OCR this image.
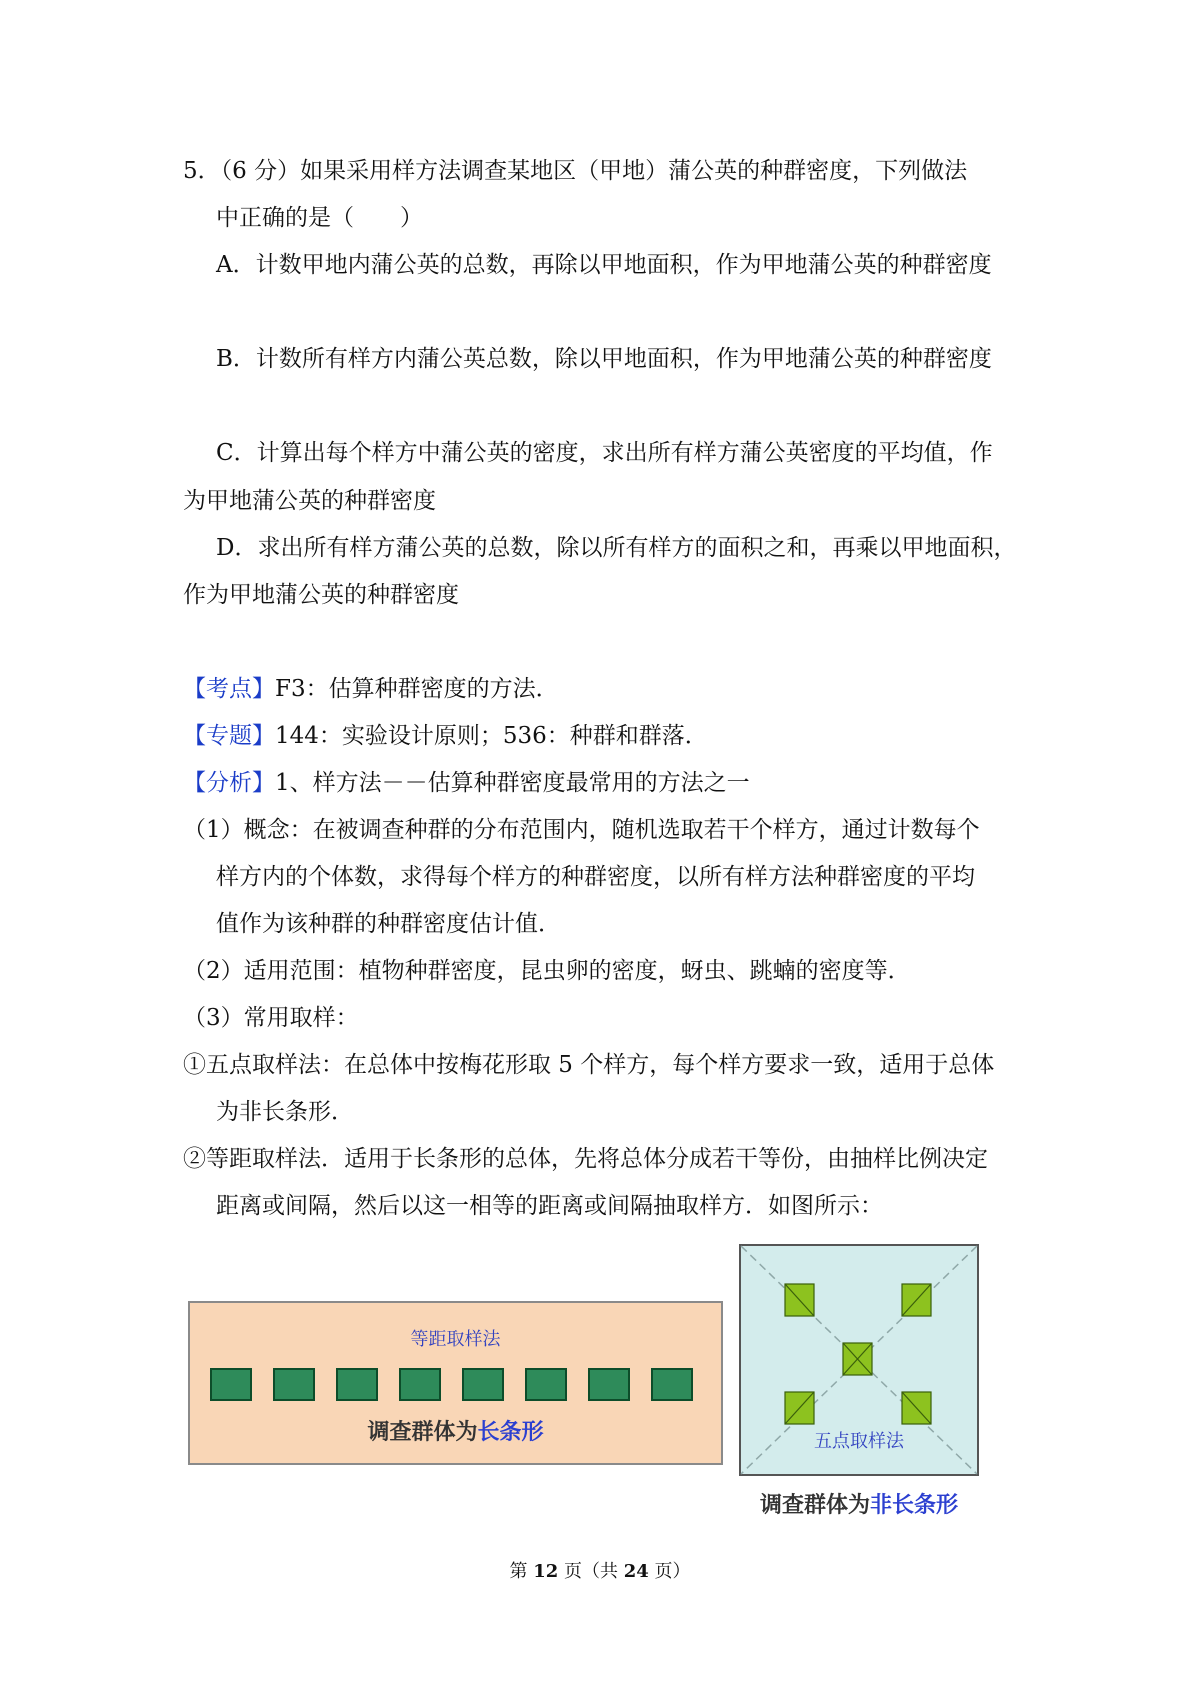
5．（6 分）如果采用样方法调查某地区（甲地）蒲公英的种群密度，下列做法
中正确的是（　　）
A．计数甲地内蒲公英的总数，再除以甲地面积，作为甲地蒲公英的种群密度
B．计数所有样方内蒲公英总数，除以甲地面积，作为甲地蒲公英的种群密度
C．计算出每个样方中蒲公英的密度，求出所有样方蒲公英密度的平均值，作
为甲地蒲公英的种群密度
D．求出所有样方蒲公英的总数，除以所有样方的面积之和，再乘以甲地面积，
作为甲地蒲公英的种群密度
【考点】F3：估算种群密度的方法．
【专题】144：实验设计原则；536：种群和群落．
【分析】1、样方法－－估算种群密度最常用的方法之一
（1）概念：在被调查种群的分布范围内，随机选取若干个样方，通过计数每个
样方内的个体数，求得每个样方的种群密度，以所有样方法种群密度的平均
值作为该种群的种群密度估计值．
（2）适用范围：植物种群密度，昆虫卵的密度，蚜虫、跳蝻的密度等．
（3）常用取样：
①五点取样法：在总体中按梅花形取 5 个样方，每个样方要求一致，适用于总体
为非长条形．
②等距取样法．适用于长条形的总体，先将总体分成若干等份，由抽样比例决定
距离或间隔，然后以这一相等的距离或间隔抽取样方．如图所示：
等距取样法
调查群体为长条形	五点取样法
调查群体为非长条形
第 12 页（共 24 页）
